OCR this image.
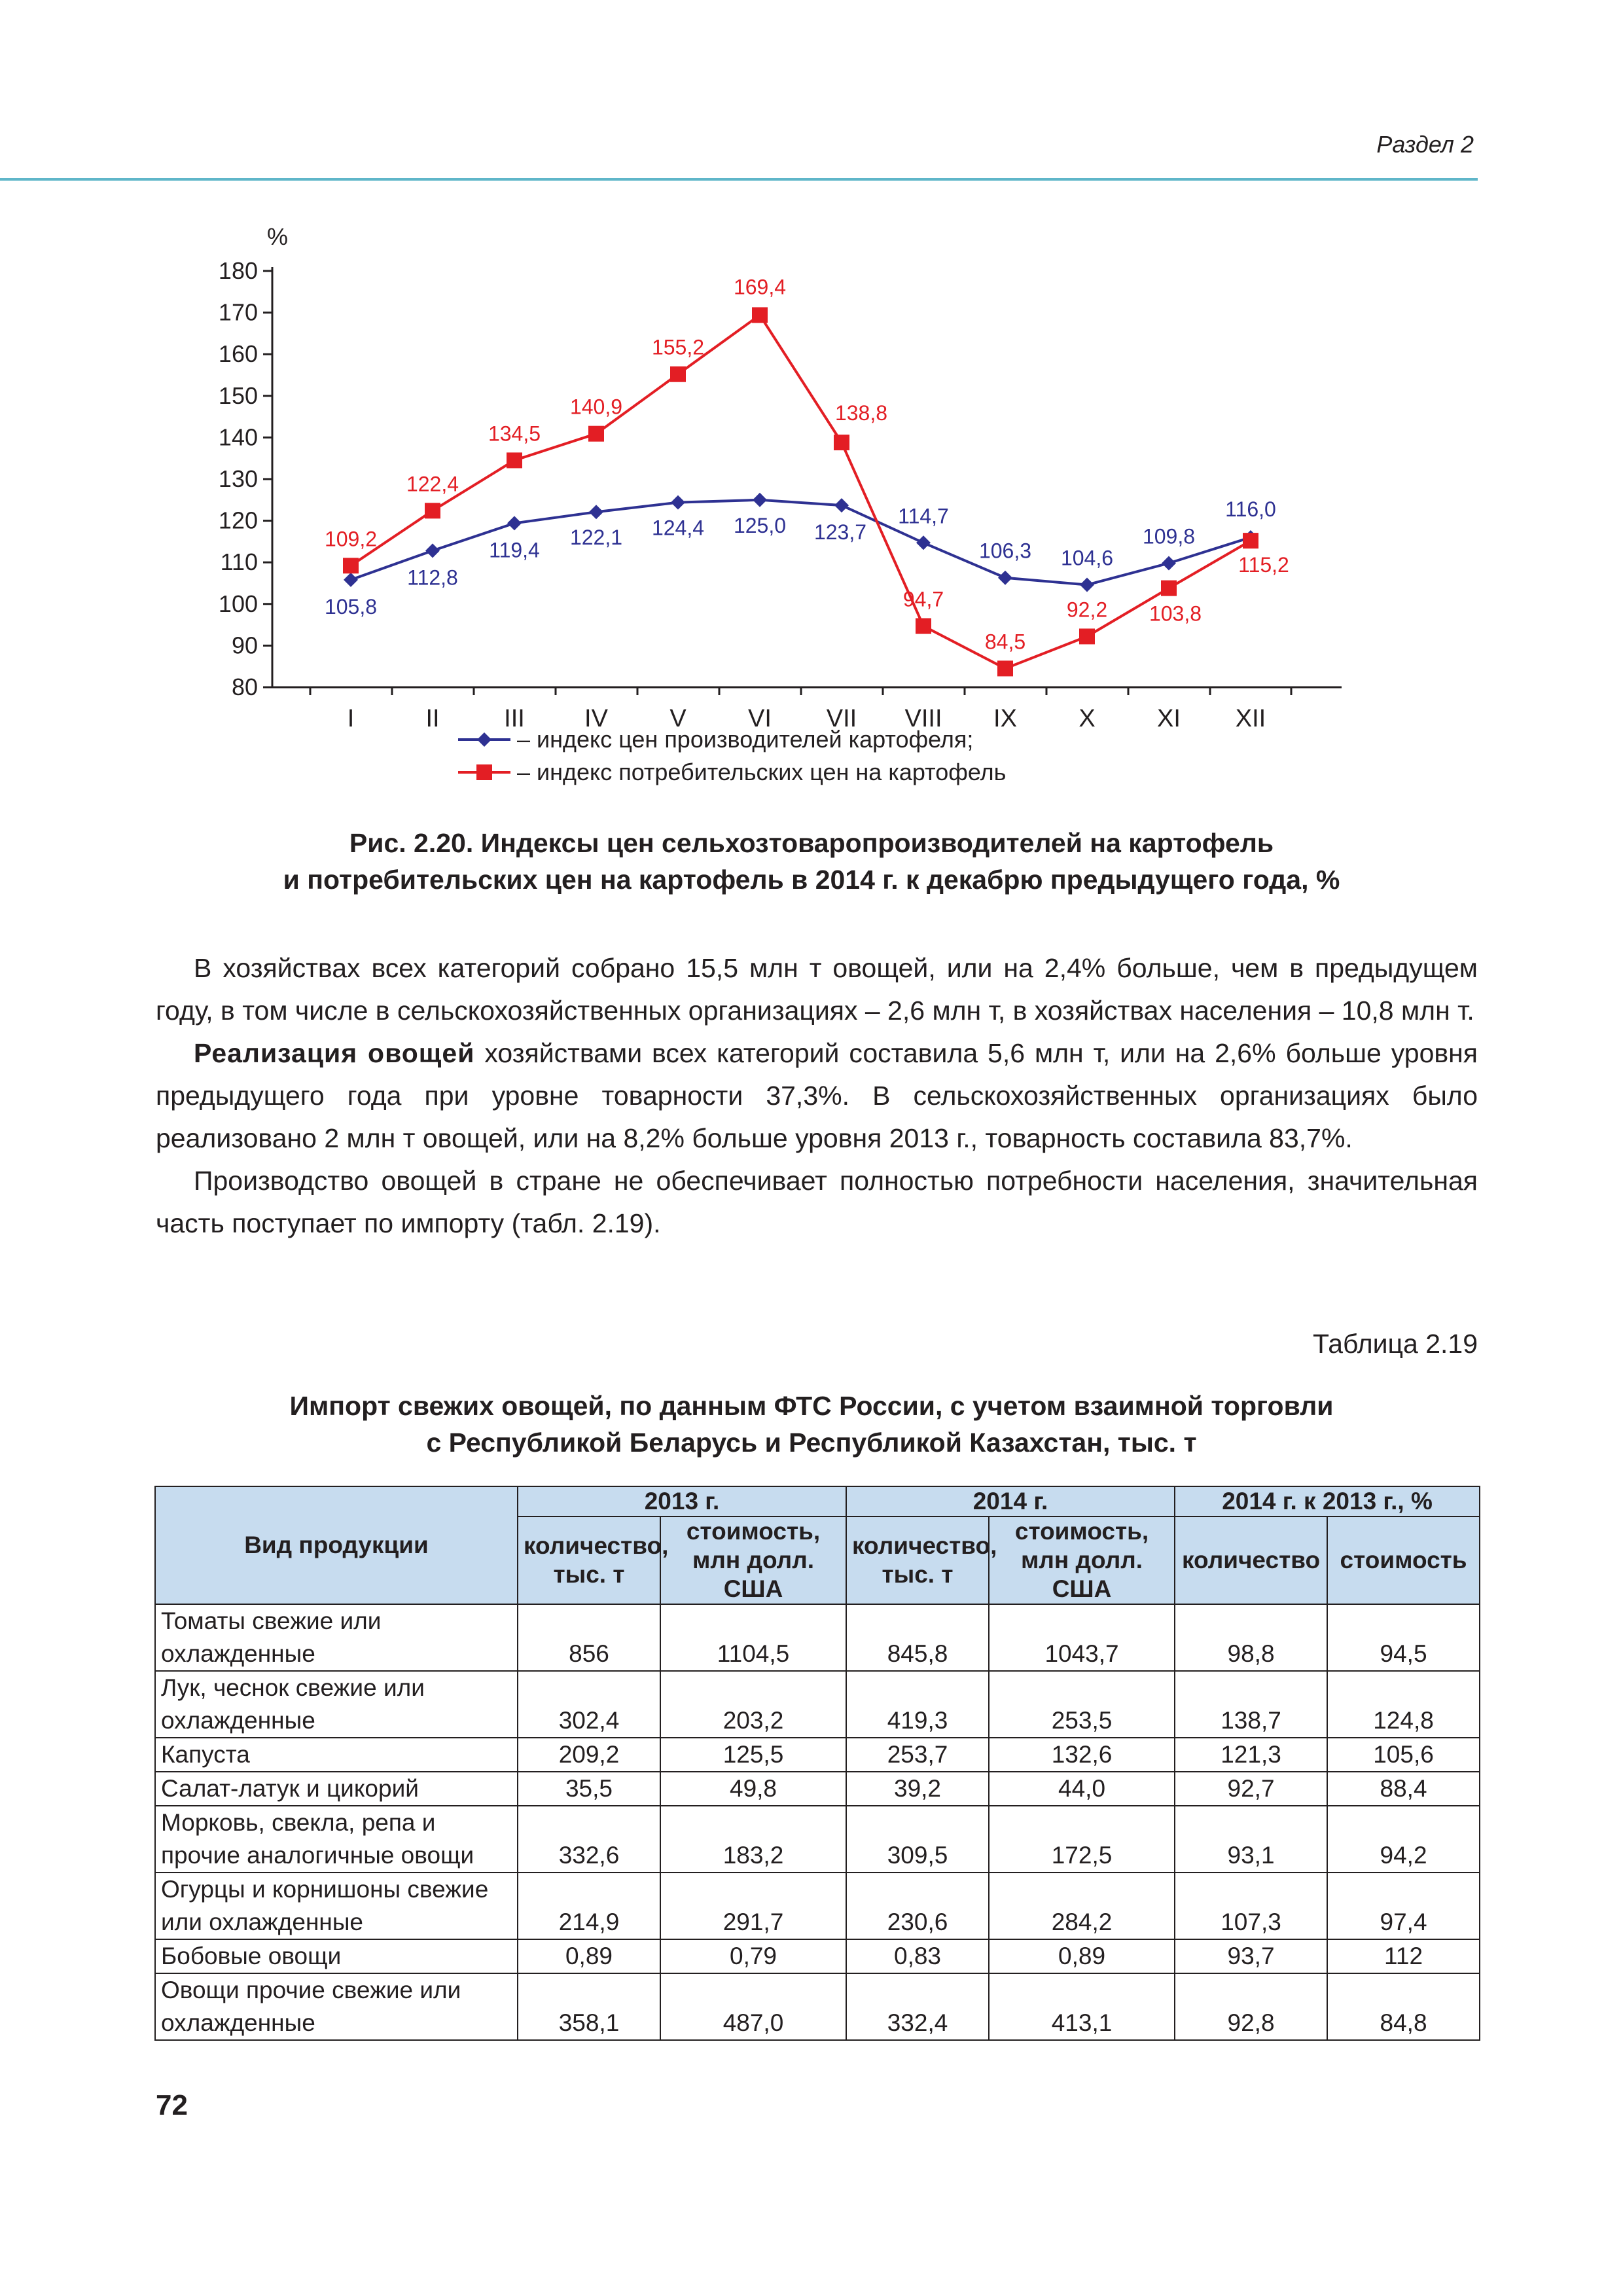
Раздел 2
%
80
90
100
110
120
130
140
150
160
170
180
I	II	III IV V VI VII VIII IX X XI XII
105,8
112,8
119,4
122,1 124,4 125,0 123,7
114,7
106,3 104,6
109,8
116,0
109,2
122,4
134,5
140,9
155,2
169,4
138,8
94,7
84,5
92,2 103,8
115,2
– индекс цен производителей картофеля;
– индекс потребительских цен на картофель
Рис. 2.20. Индексы цен сельхозтоваропроизводителей на картофель
и потребительских цен на картофель в 2014 г. к декабрю предыдущего года, %

В хозяйствах всех категорий собрано 15,5 млн т овощей, или на 2,4% больше, чем в предыдущем году, в том числе в сельскохозяйственных организациях – 2,6 млн т, в хозяйствах населения – 10,8 млн т.

Реализация овощей хозяйствами всех категорий составила 5,6 млн т, или на 2,6% больше уровня предыдущего года при уровне товарности 37,3%. В сельскохозяйственных организациях было реализовано 2 млн т овощей, или на 8,2% больше уровня 2013 г., товарность составила 83,7%.

Производство овощей в стране не обеспечивает полностью потребности населения, значительная часть поступает по импорту (табл. 2.19).

Таблица 2.19
Импорт свежих овощей, по данным ФТС России, с учетом взаимной торговли
с Республикой Беларусь и Республикой Казахстан, тыс. т
Вид продукции	2013 г.		2014 г.		2014 г. к 2013 г., %	
	количество, тыс. т	стоимость, млн долл. США	количество, тыс. т	стоимость, млн долл. США	количество	стоимость
Томаты свежие или охлажденные	856	1104,5	845,8	1043,7	98,8	94,5
Лук, чеснок свежие или охлажденные	302,4	203,2	419,3	253,5	138,7	124,8
Капуста	209,2	125,5	253,7	132,6	121,3	105,6
Салат-латук и цикорий	35,5	49,8	39,2	44,0	92,7	88,4
Морковь, свекла, репа и прочие аналогичные овощи	332,6	183,2	309,5	172,5	93,1	94,2
Огурцы и корнишоны свежие или охлажденные	214,9	291,7	230,6	284,2	107,3	97,4
Бобовые овощи	0,89	0,79	0,83	0,89	93,7	112
Овощи прочие свежие или охлажденные	358,1	487,0	332,4	413,1	92,8	84,8
72
